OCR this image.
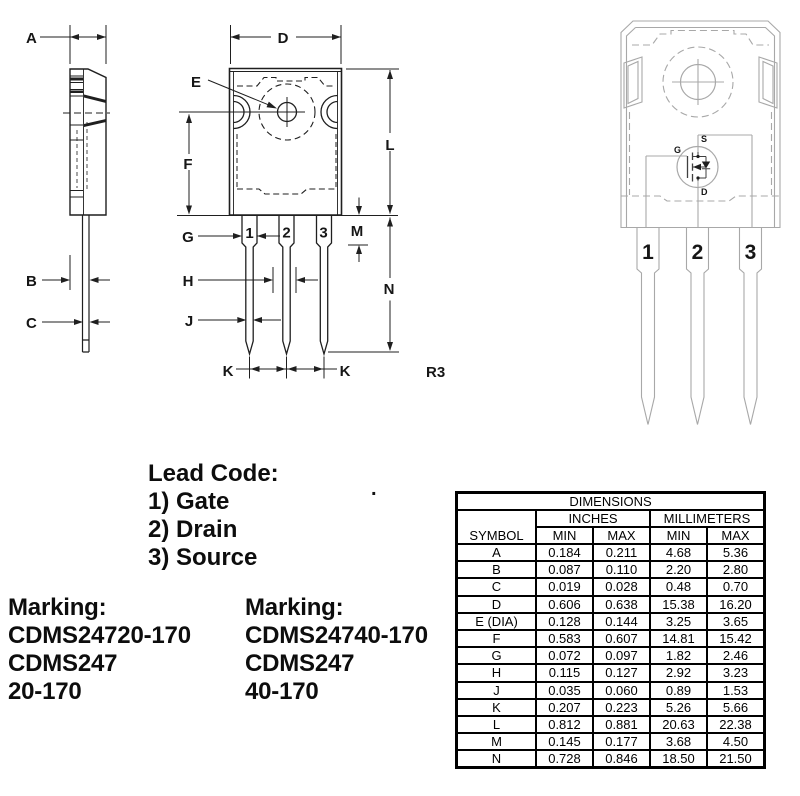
A
B
C
D
E
F
G
H
J
K	K
L
M
N
R3
1 2 3
1 2 3
S
G
D
Lead Code:
1) Gate
2) Drain
3) Source
.
Marking:
CDMS24720-170
CDMS247
20-170
Marking:
CDMS24740-170
CDMS247
40-170
DIMENSIONS				
SYMBOL	INCHES		MILLIMETERS	
	MIN	MAX	MIN	MAX
A	0.184	0.211	4.68	5.36
B	0.087	0.110	2.20	2.80
C	0.019	0.028	0.48	0.70
D	0.606	0.638	15.38	16.20
E (DIA)	0.128	0.144	3.25	3.65
F	0.583	0.607	14.81	15.42
G	0.072	0.097	1.82	2.46
H	0.115	0.127	2.92	3.23
J	0.035	0.060	0.89	1.53
K	0.207	0.223	5.26	5.66
L	0.812	0.881	20.63	22.38
M	0.145	0.177	3.68	4.50
N	0.728	0.846	18.50	21.50
